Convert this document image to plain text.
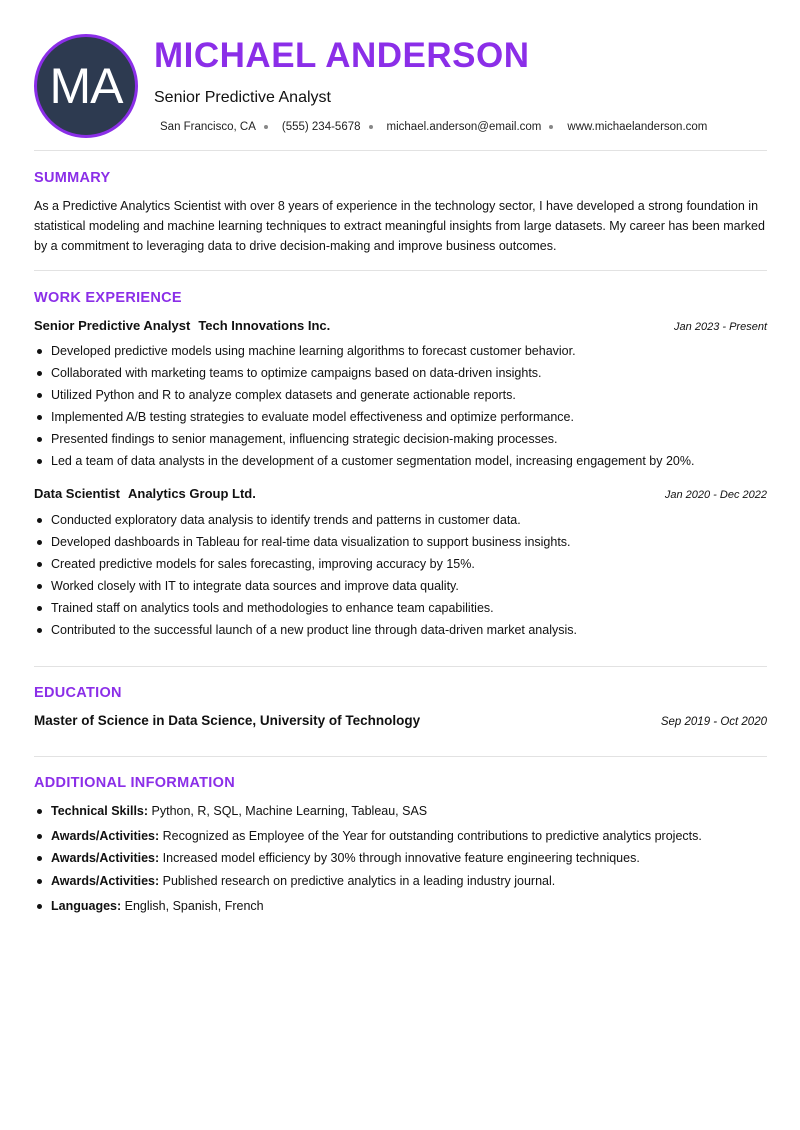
MA
MICHAEL ANDERSON
Senior Predictive Analyst
San Francisco, CA (555) 234-5678 michael.anderson@email.com www.michaelanderson.com
SUMMARY
As a Predictive Analytics Scientist with over 8 years of experience in the technology sector, I have developed a strong foundation in statistical modeling and machine learning techniques to extract meaningful insights from large datasets. My career has been marked by a commitment to leveraging data to drive decision-making and improve business outcomes.
WORK EXPERIENCE
Senior Predictive Analyst Tech Innovations Inc.	Jan 2023 - Present
Developed predictive models using machine learning algorithms to forecast customer behavior.
Collaborated with marketing teams to optimize campaigns based on data-driven insights.
Utilized Python and R to analyze complex datasets and generate actionable reports.
Implemented A/B testing strategies to evaluate model effectiveness and optimize performance.
Presented findings to senior management, influencing strategic decision-making processes.
Led a team of data analysts in the development of a customer segmentation model, increasing engagement by 20%.
Data Scientist Analytics Group Ltd.	Jan 2020 - Dec 2022
Conducted exploratory data analysis to identify trends and patterns in customer data.
Developed dashboards in Tableau for real-time data visualization to support business insights.
Created predictive models for sales forecasting, improving accuracy by 15%.
Worked closely with IT to integrate data sources and improve data quality.
Trained staff on analytics tools and methodologies to enhance team capabilities.
Contributed to the successful launch of a new product line through data-driven market analysis.
EDUCATION
Master of Science in Data Science, University of Technology	Sep 2019 - Oct 2020
ADDITIONAL INFORMATION
Technical Skills: Python, R, SQL, Machine Learning, Tableau, SAS
Awards/Activities: Recognized as Employee of the Year for outstanding contributions to predictive analytics projects.
Awards/Activities: Increased model efficiency by 30% through innovative feature engineering techniques.
Awards/Activities: Published research on predictive analytics in a leading industry journal.
Languages: English, Spanish, French
